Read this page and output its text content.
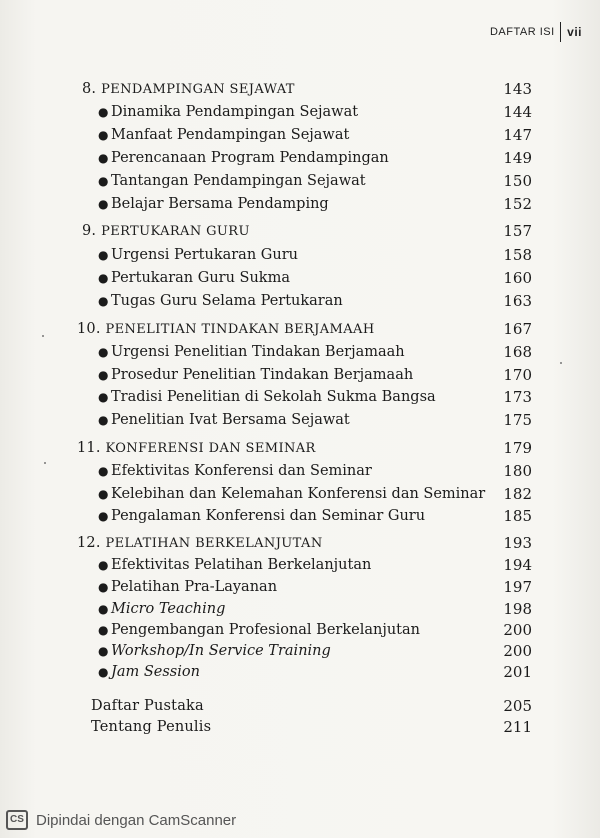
DAFTAR ISI vii
8. PENDAMPINGAN SEJAWAT	143
● Dinamika Pendampingan Sejawat	144
● Manfaat Pendampingan Sejawat	147
● Perencanaan Program Pendampingan	149
● Tantangan Pendampingan Sejawat	150
● Belajar Bersama Pendamping	152
9. PERTUKARAN GURU	157
● Urgensi Pertukaran Guru	158
● Pertukaran Guru Sukma	160
● Tugas Guru Selama Pertukaran	163
10. PENELITIAN TINDAKAN BERJAMAAH	167
● Urgensi Penelitian Tindakan Berjamaah	168
● Prosedur Penelitian Tindakan Berjamaah	170
● Tradisi Penelitian di Sekolah Sukma Bangsa	173
● Penelitian Ivat Bersama Sejawat	175
11. KONFERENSI DAN SEMINAR	179
● Efektivitas Konferensi dan Seminar	180
● Kelebihan dan Kelemahan Konferensi dan Seminar 182
● Pengalaman Konferensi dan Seminar Guru	185
12. PELATIHAN BERKELANJUTAN	193
● Efektivitas Pelatihan Berkelanjutan	194
● Pelatihan Pra-Layanan	197
● Micro Teaching	198
● Pengembangan Profesional Berkelanjutan	200
● Workshop/In Service Training	200
● Jam Session	201
Daftar Pustaka	205
Tentang Penulis	211
CS Dipindai dengan CamScanner
